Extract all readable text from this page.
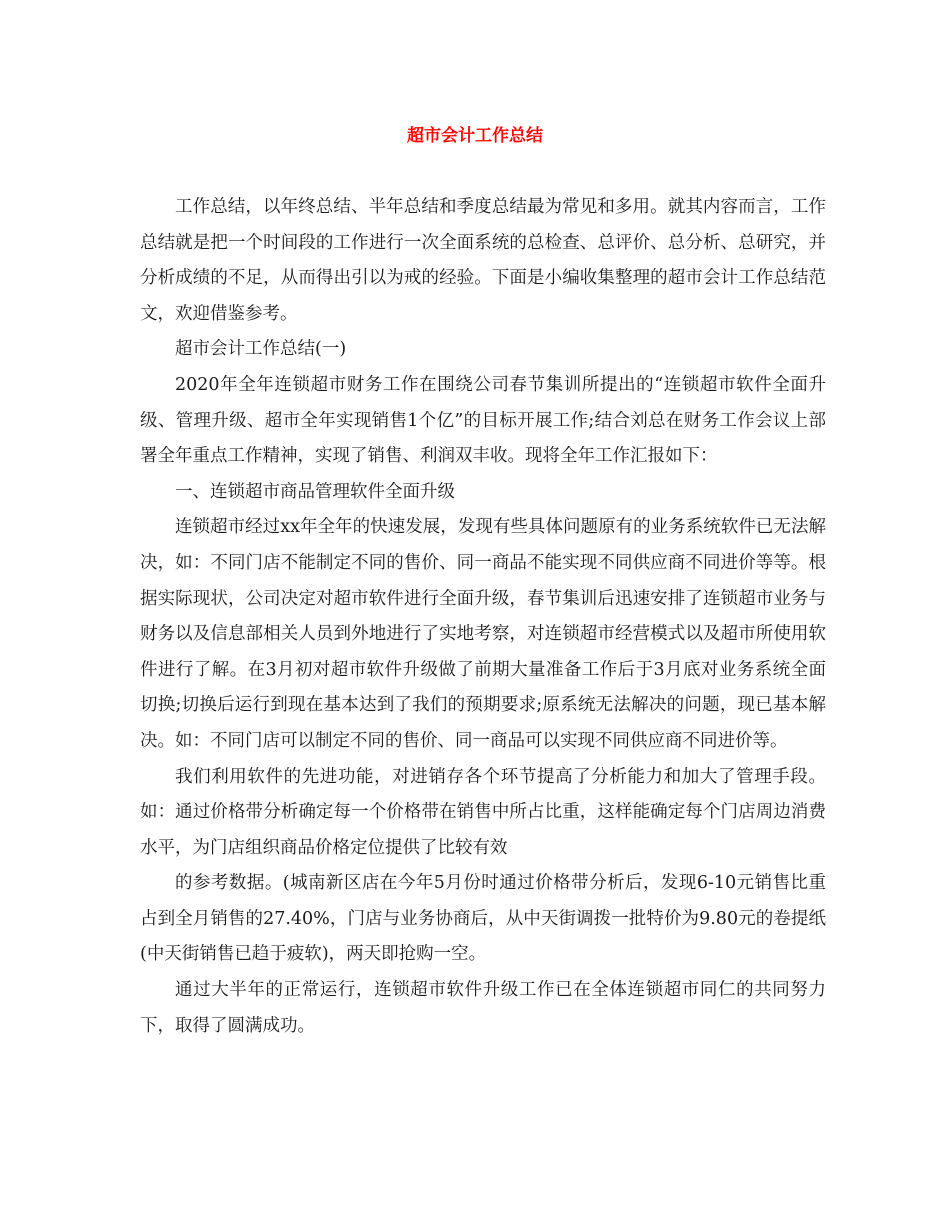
超市会计工作总结

工作总结，以年终总结、半年总结和季度总结最为常见和多用。就其内容而言，工作总结就是把一个时间段的工作进行一次全面系统的总检查、总评价、总分析、总研究，并分析成绩的不足，从而得出引以为戒的经验。下面是小编收集整理的超市会计工作总结范文，欢迎借鉴参考。

超市会计工作总结(一)

2020年全年连锁超市财务工作在围绕公司春节集训所提出的“连锁超市软件全面升级、管理升级、超市全年实现销售1个亿”的目标开展工作;结合刘总在财务工作会议上部署全年重点工作精神，实现了销售、利润双丰收。现将全年工作汇报如下：

一、连锁超市商品管理软件全面升级

连锁超市经过xx年全年的快速发展，发现有些具体问题原有的业务系统软件已无法解决，如：不同门店不能制定不同的售价、同一商品不能实现不同供应商不同进价等等。根据实际现状，公司决定对超市软件进行全面升级，春节集训后迅速安排了连锁超市业务与财务以及信息部相关人员到外地进行了实地考察，对连锁超市经营模式以及超市所使用软件进行了解。在3月初对超市软件升级做了前期大量准备工作后于3月底对业务系统全面切换;切换后运行到现在基本达到了我们的预期要求;原系统无法解决的问题，现已基本解决。如：不同门店可以制定不同的售价、同一商品可以实现不同供应商不同进价等。

我们利用软件的先进功能，对进销存各个环节提高了分析能力和加大了管理手段。如：通过价格带分析确定每一个价格带在销售中所占比重，这样能确定每个门店周边消费水平，为门店组织商品价格定位提供了比较有效

的参考数据。(城南新区店在今年5月份时通过价格带分析后，发现6-10元销售比重占到全月销售的27.40%，门店与业务协商后，从中天街调拨一批特价为9.80元的卷提纸(中天街销售已趋于疲软)，两天即抢购一空。

通过大半年的正常运行，连锁超市软件升级工作已在全体连锁超市同仁的共同努力下，取得了圆满成功。
